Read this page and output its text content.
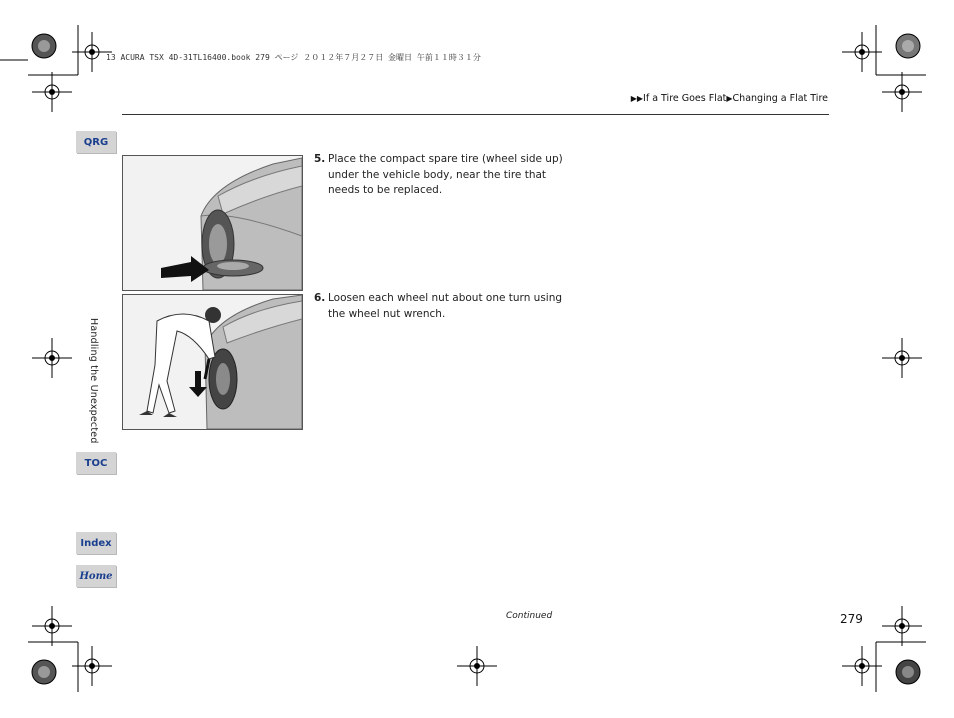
13 ACURA TSX 4D-31TL16400.book 279 ページ ２０１２年７月２７日 金曜日 午前１１時３１分
▶▶If a Tire Goes Flat▶Changing a Flat Tire
QRG
Handling the Unexpected
TOC
Index
Home
5. Place the compact spare tire (wheel side up) under the vehicle body, near the tire that needs to be replaced.
6. Loosen each wheel nut about one turn using the wheel nut wrench.
Continued	279
